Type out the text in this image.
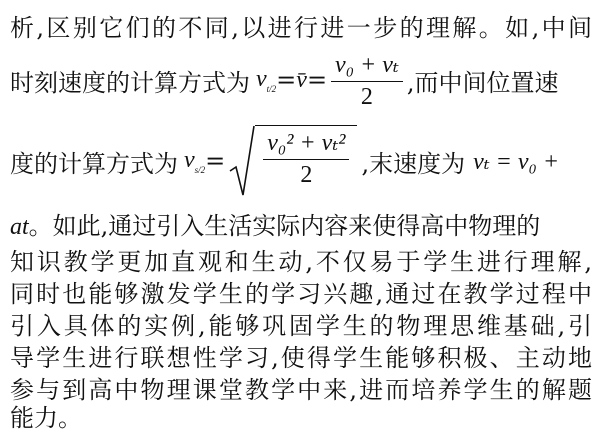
析,区别它们的不同,以进行进一步的理解。如,中间
时刻速度的计算方式为 $v_{t/2}$ = v̄ = $\frac{\text{v₀ + vₜ}}{2}$ ,而中间位置速
度的计算方式为 $v_{s/2} = \frac{\text{v₀² + vₜ²}}{2}$ ,末速度为 vₜ = v₀ +
at。如此,通过引入生活实际内容来使得高中物理的
知识教学更加直观和生动,不仅易于学生进行理解,
同时也能够激发学生的学习兴趣,通过在教学过程中
引入具体的实例,能够巩固学生的物理思维基础,引
导学生进行联想性学习,使得学生能够积极、主动地
参与到高中物理课堂教学中来,进而培养学生的解题
能力。
